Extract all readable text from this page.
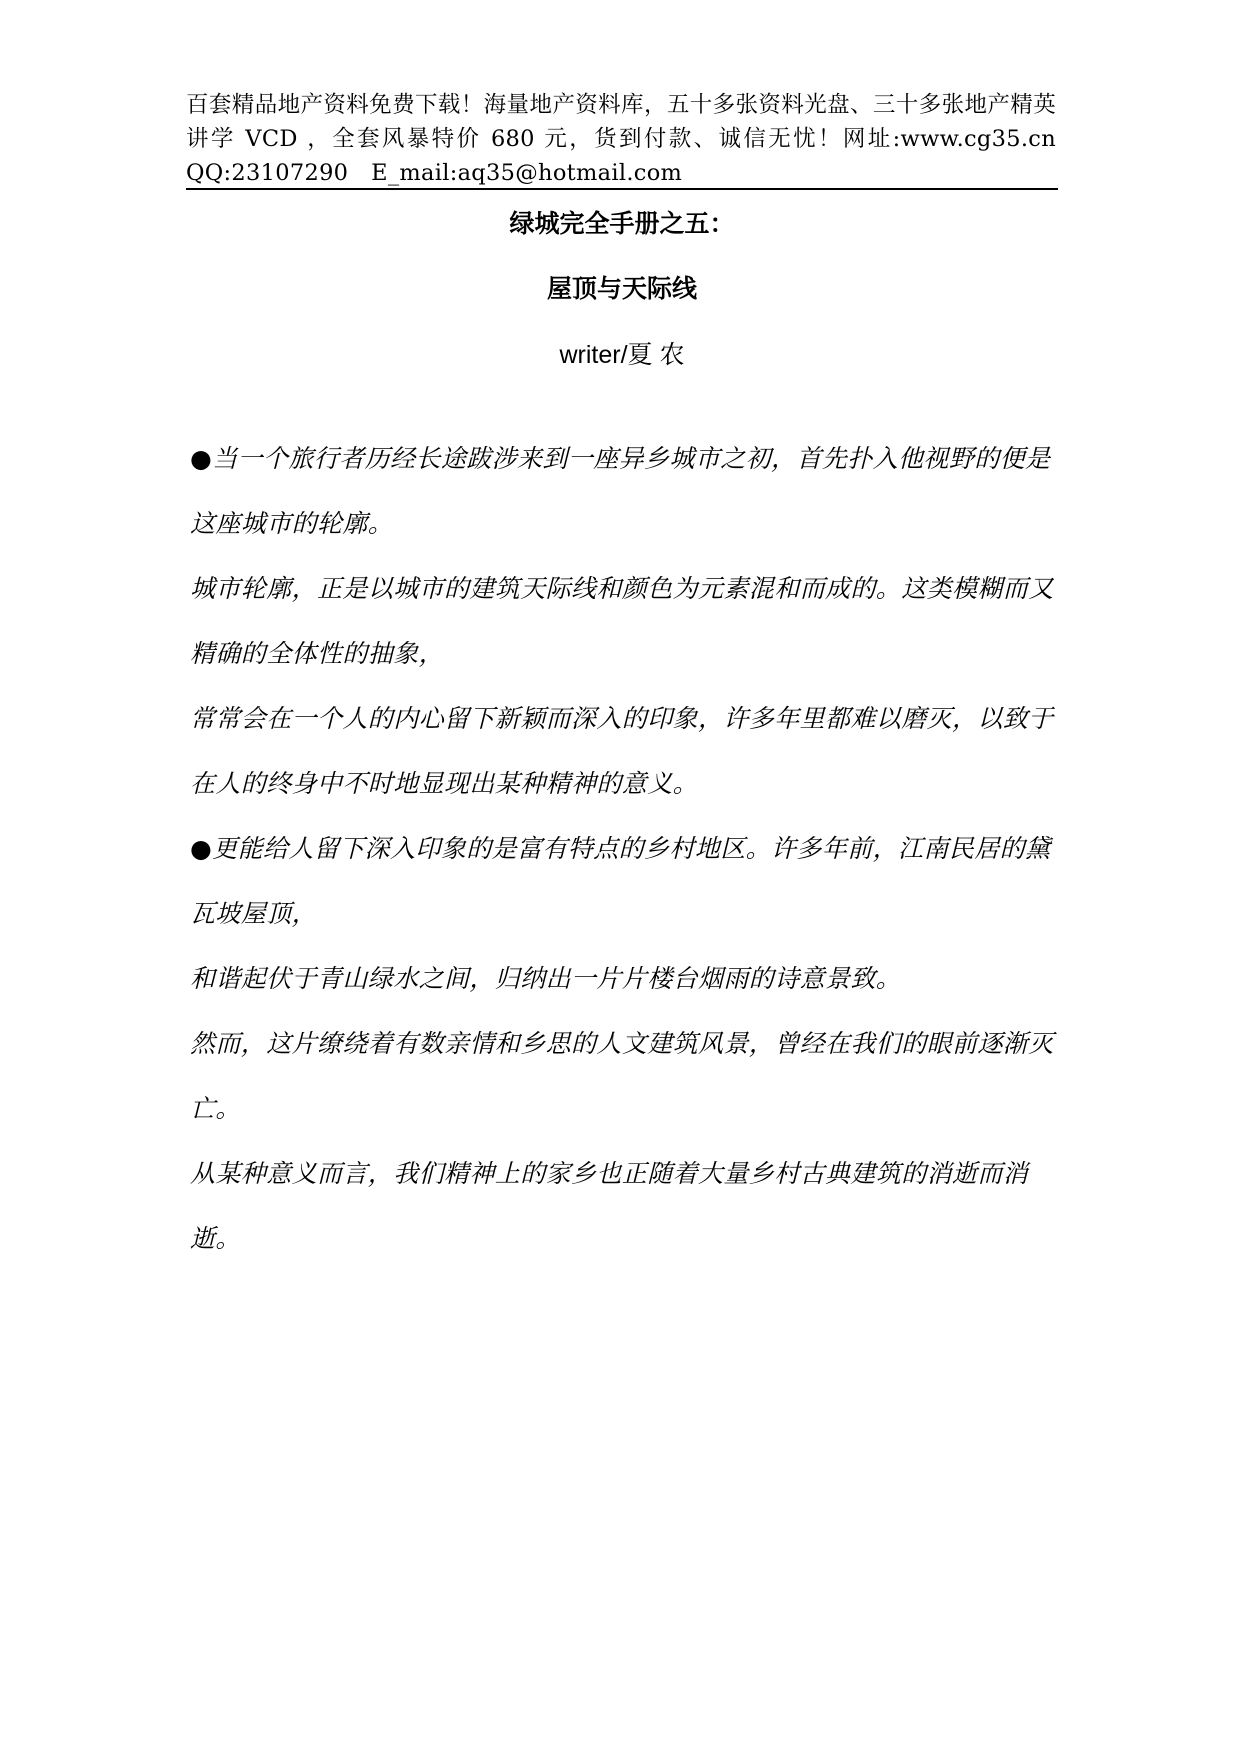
百套精品地产资料免费下载！海量地产资料库，五十多张资料光盘、三十多张地产精英讲学 VCD ，全套风暴特价 680 元，货到付款、诚信无忧！网址:www.cg35.cn　QQ:23107290　E_mail:aq35@hotmail.com
绿城完全手册之五：
屋顶与天际线
writer/夏 农

●当一个旅行者历经长途跋涉来到一座异乡城市之初，首先扑入他视野的便是这座城市的轮廓。

城市轮廓，正是以城市的建筑天际线和颜色为元素混和而成的。这类模糊而又精确的全体性的抽象，

常常会在一个人的内心留下新颖而深入的印象，许多年里都难以磨灭，以致于在人的终身中不时地显现出某种精神的意义。

●更能给人留下深入印象的是富有特点的乡村地区。许多年前，江南民居的黛瓦坡屋顶，

和谐起伏于青山绿水之间，归纳出一片片楼台烟雨的诗意景致。

然而，这片缭绕着有数亲情和乡思的人文建筑风景，曾经在我们的眼前逐渐灭亡。

从某种意义而言，我们精神上的家乡也正随着大量乡村古典建筑的消逝而消逝。
